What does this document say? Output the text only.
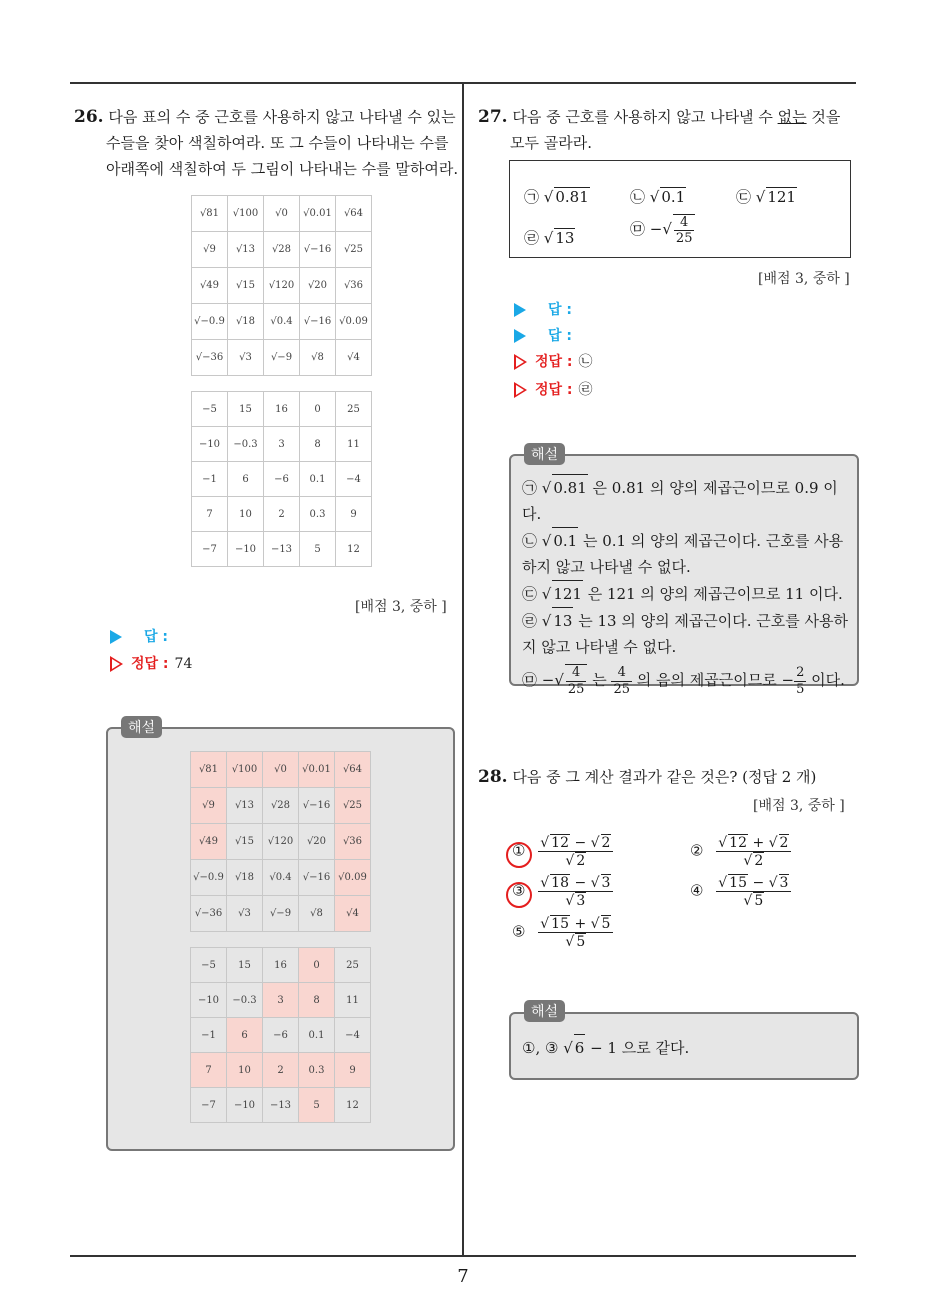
7
26. 다음 표의 수 중 근호를 사용하지 않고 나타낼 수 있는
수들을 찾아 색칠하여라. 또 그 수들이 나타내는 수를
아래쪽에 색칠하여 두 그림이 나타내는 수를 말하여라.
√81	√100	√0	√0.01	√64
√9	√13	√28	√−16	√25
√49	√15	√120	√20	√36
√−0.9	√18	√0.4	√−16	√0.09
√−36	√3	√−9	√8	√4
−5	15	16	0	25
−10	−0.3	3	8	11
−1	6	−6	0.1	−4
7	10	2	0.3	9
−7	−10	−13	5	12
[배점 3, 중하 ]
답 :
정답 : 74
해설
√81	√100	√0	√0.01	√64
√9	√13	√28	√−16	√25
√49	√15	√120	√20	√36
√−0.9	√18	√0.4	√−16	√0.09
√−36	√3	√−9	√8	√4
−5	15	16	0	25
−10	−0.3	3	8	11
−1	6	−6	0.1	−4
7	10	2	0.3	9
−7	−10	−13	5	12
27. 다음 중 근호를 사용하지 않고 나타낼 수 없는 것을
모두 골라라.
㉠ √ 0.81	㉡ √ 0.1	㉢ √ 121
㉣ √ 13	㉤ −√ $\frac{4}{25}$
[배점 3, 중하 ]
답 :
답 :
정답 : ㉡
정답 : ㉣
해설
㉠ √ 0.81 은 0.81 의 양의 제곱근이므로 0.9 이다.
㉡ √ 0.1 는 0.1 의 양의 제곱근이다. 근호를 사용
하지 않고 나타낼 수 없다.
㉢ √ 121 은 121 의 양의 제곱근이므로 11 이다.
㉣ √ 13 는 13 의 양의 제곱근이다. 근호를 사용하
지 않고 나타낼 수 없다.
㉤ −√ $\frac{4}{25}$ 는 $\frac{4}{25}$ 의 음의 제곱근이므로 − $\frac{2}{5}$ 이다.
28. 다음 중 그 계산 결과가 같은 것은? (정답 2 개)
[배점 3, 중하 ]
① $\frac{√ 12 - √ 2}{√ 2}$	② $\frac{√ 12 + √ 2}{√ 2}$
③ $\frac{√ 18 - √ 3}{√ 3}$	④ $\frac{√ 15 - √ 3}{√ 5}$
⑤ $\frac{√ 15 + √ 5}{√ 5}$
해설
①, ③ √ 6 − 1 으로 같다.
